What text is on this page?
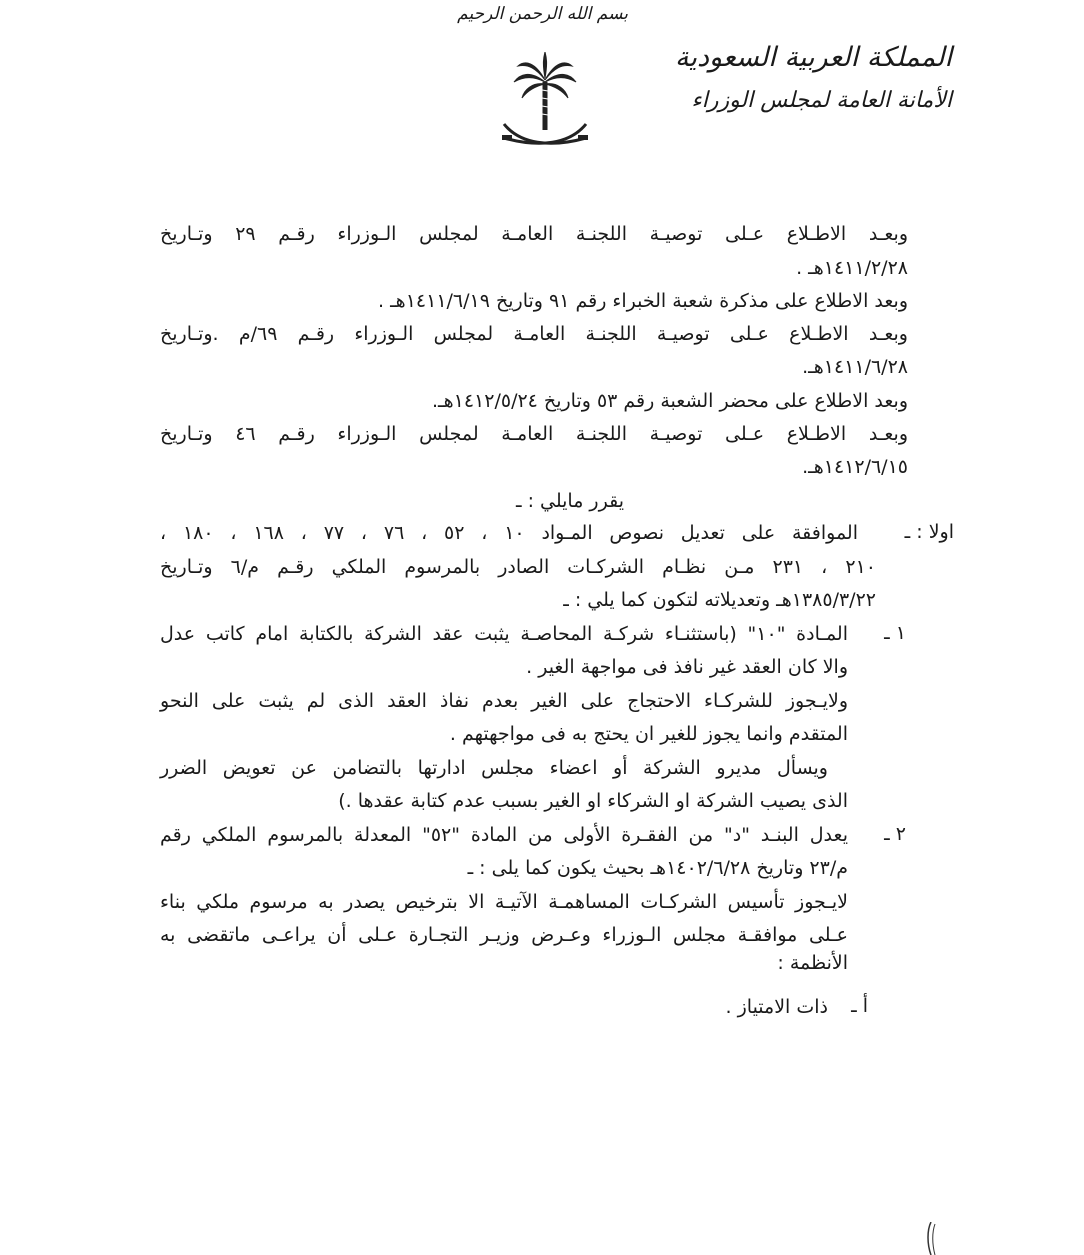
بسم الله الرحمن الرحيم
المملكة العربية السعودية
الأمانة العامة لمجلس الوزراء
وبعـد الاطـلاع عـلى توصيـة اللجنـة العامـة لمجلس الـوزراء رقـم ٢٩ وتـاريخ
١٤١١/٢/٢٨هـ .
وبعد الاطلاع على مذكرة شعبة الخبراء رقم ٩١ وتاريخ ١٤١١/٦/١٩هـ .
وبعـد الاطـلاع عـلى توصيـة اللجنـة العامـة لمجلس الـوزراء رقـم ٦٩/م .وتـاريخ
١٤١١/٦/٢٨هـ.
وبعد الاطلاع على محضر الشعبة رقم ٥٣ وتاريخ ١٤١٢/٥/٢٤هـ.
وبعـد الاطـلاع عـلى توصيـة اللجنـة العامـة لمجلس الـوزراء رقـم ٤٦ وتـاريخ
١٤١٢/٦/١٥هـ.
يقرر مايلي : ـ
اولا : ـ
الموافقة على تعديل نصوص المـواد ١٠ ، ٥٢ ، ٧٦ ، ٧٧ ، ١٦٨ ، ١٨٠ ،
٢١٠ ، ٢٣١ مـن نظـام الشركـات الصادر بالمرسوم الملكي رقـم م/٦ وتـاريخ
١٣٨٥/٣/٢٢هـ وتعديلاته لتكون كما يلي : ـ
١ ـ
المـادة "١٠" (باستثنـاء شركـة المحاصـة يثبت عقد الشركة بالكتابة امام كاتب عدل
والا كان العقد غير نافذ فى مواجهة الغير .
ولايـجوز للشركـاء الاحتجاج على الغير بعدم نفاذ العقد الذى لم يثبت على النحو
المتقدم وانما يجوز للغير ان يحتج به فى مواجهتهم .
ويسأل مديرو الشركة أو اعضاء مجلس ادارتها بالتضامن عن تعويض الضرر
الذى يصيب الشركة او الشركاء او الغير بسبب عدم كتابة عقدها .)
٢ ـ
يعدل البنـد "د" من الفقـرة الأولى من المادة "٥٢" المعدلة بالمرسوم الملكي رقم
م/٢٣ وتاريخ ١٤٠٢/٦/٢٨هـ بحيث يكون كما يلى : ـ
لايـجوز تأسيس الشركـات المساهمـة الآتيـة الا بترخيص يصدر به مرسوم ملكي بناء
عـلى موافقـة مجلس الـوزراء وعـرض وزيـر التجـارة عـلى أن يراعـى ماتقضى به
الأنظمة :
أ ـ
ذات الامتياز .
